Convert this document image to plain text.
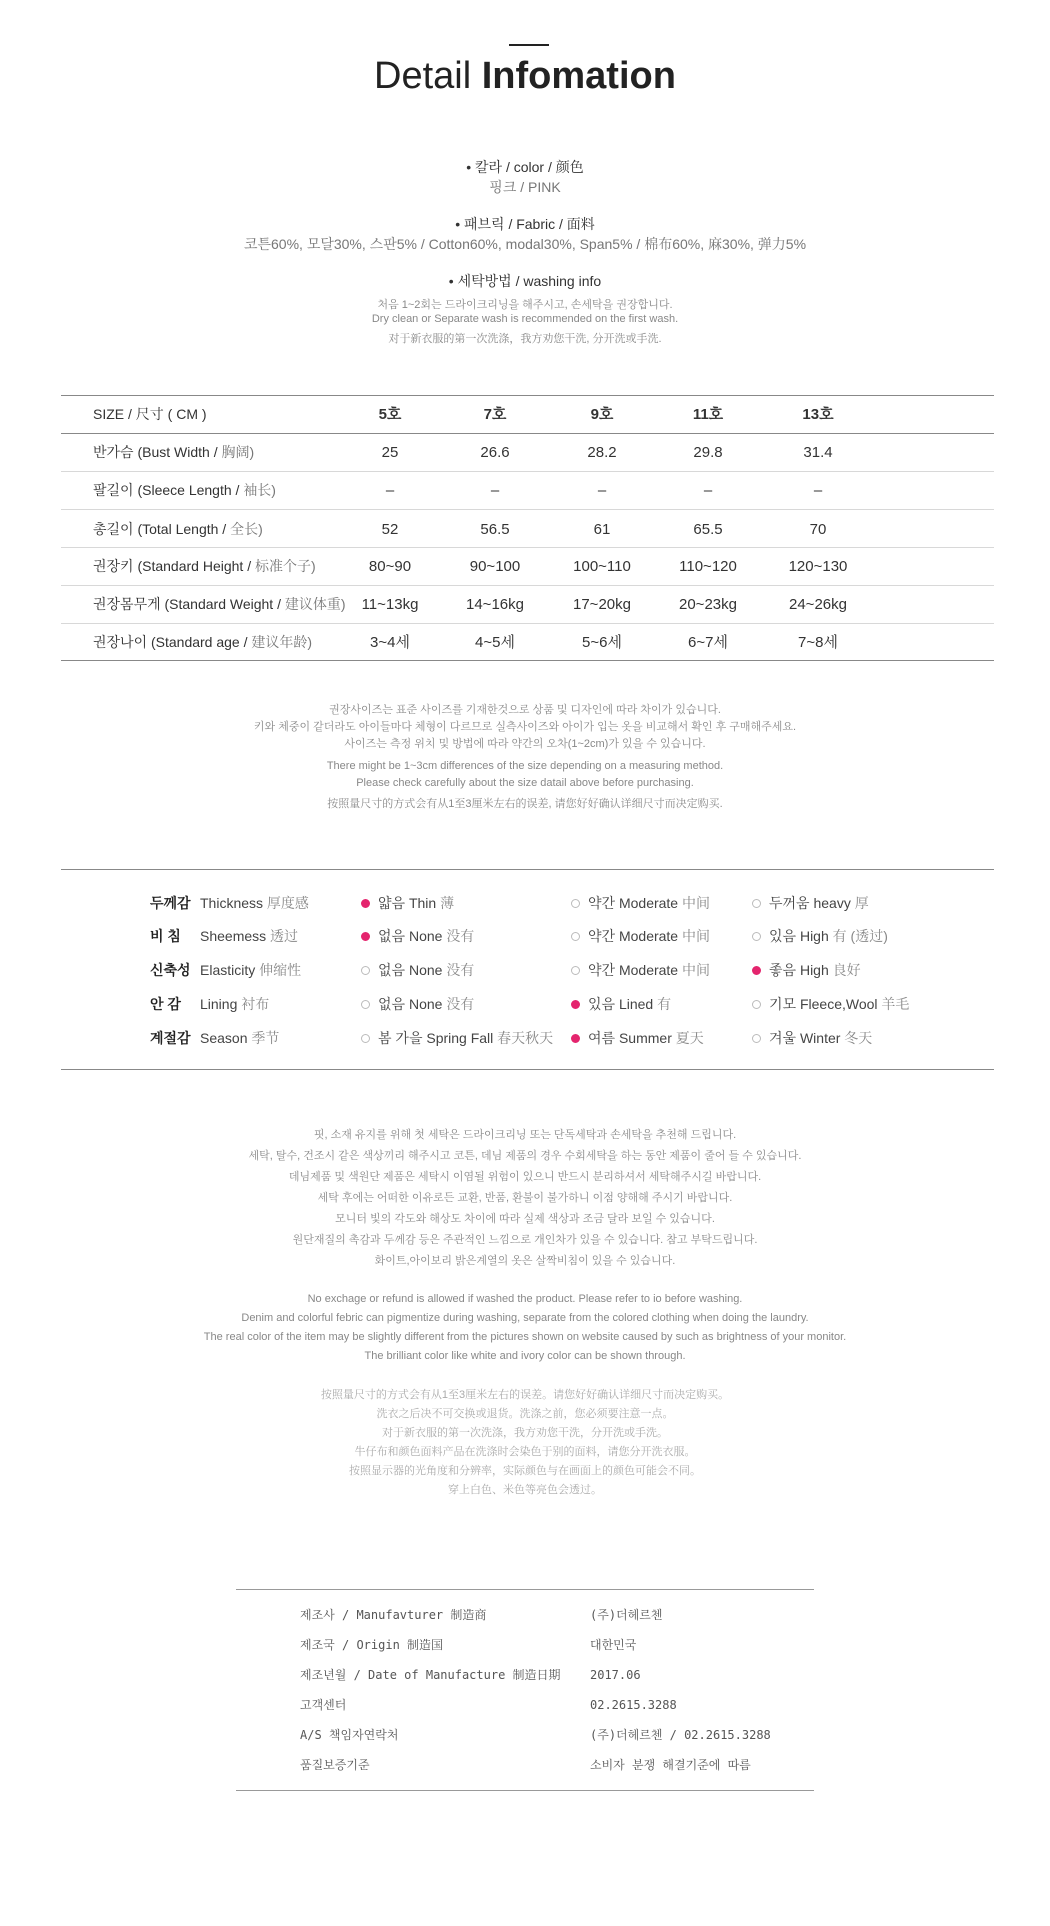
Detail Infomation
• 칼라 / color / 颜色
핑크 / PINK
• 패브릭 / Fabric / 面料
코튼60%, 모달30%, 스판5% / Cotton60%, modal30%, Span5% / 棉布60%, 麻30%, 弹力5%
• 세탁방법 / washing info
처음 1~2회는 드라이크리닝을 해주시고, 손세탁을 권장합니다.
Dry clean or Separate wash is recommended on the first wash.
对于新衣服的第一次洗涤，我方劝您干洗, 分开洗或手洗.
SIZE / 尺寸 ( CM )	5호	7호	9호	11호	13호
반가슴 (Bust Width / 胸阔)	25	26.6	28.2	29.8	31.4
팔길이 (Sleece Length / 袖长)	–	–	–	–	–
총길이 (Total Length / 全长)	52	56.5	61	65.5	70
권장키 (Standard Height / 标准个子)	80~90	90~100	100~110	110~120	120~130
권장몸무게 (Standard Weight / 建议体重)	11~13kg	14~16kg	17~20kg	20~23kg	24~26kg
권장나이 (Standard age / 建议年龄)	3~4세	4~5세	5~6세	6~7세	7~8세
권장사이즈는 표준 사이즈를 기재한것으로 상품 및 디자인에 따라 차이가 있습니다.
키와 체중이 같더라도 아이들마다 체형이 다르므로 실측사이즈와 아이가 입는 옷을 비교해서 확인 후 구매해주세요.
사이즈는 측정 위치 및 방법에 따라 약간의 오차(1~2cm)가 있을 수 있습니다.
There might be 1~3cm differences of the size depending on a measuring method.
Please check carefully about the size datail above before purchasing.
按照量尺寸的方式会有从1至3厘米左右的误差, 请您好好确认详细尺寸而决定购买.
두께감 Thickness 厚度感	얇음 Thin 薄	약간 Moderate 中间	두꺼움 heavy 厚
비 침 Sheemess 透过	없음 None 没有	약간 Moderate 中间	있음 High 有 (透过)
신축성 Elasticity 伸缩性	없음 None 没有	약간 Moderate 中间	좋음 High 良好
안 감 Lining 衬布	없음 None 没有	있음 Lined 有	기모 Fleece,Wool 羊毛
계절감 Season 季节	봄 가을 Spring Fall 春天秋天	여름 Summer 夏天	겨울 Winter 冬天
핏, 소재 유지를 위해 첫 세탁은 드라이크리닝 또는 단독세탁과 손세탁을 추천해 드립니다.
세탁, 탈수, 건조시 같은 색상끼리 해주시고 코튼, 데님 제품의 경우 수회세탁을 하는 동안 제품이 줄어 들 수 있습니다.
데님제품 및 색원단 제품은 세탁시 이염될 위험이 있으니 반드시 분리하셔서 세탁해주시길 바랍니다.
세탁 후에는 어떠한 이유로든 교환, 반품, 환불이 불가하니 이점 양해해 주시기 바랍니다.
모니터 빛의 각도와 해상도 차이에 따라 실제 색상과 조금 달라 보일 수 있습니다.
원단재질의 촉감과 두께감 등은 주관적인 느낌으로 개인차가 있을 수 있습니다. 참고 부탁드립니다.
화이트,아이보리 밝은계열의 옷은 살짝비침이 있을 수 있습니다.
No exchage or refund is allowed if washed the product. Please refer to io before washing.
Denim and colorful febric can pigmentize during washing, separate from the colored clothing when doing the laundry.
The real color of the item may be slightly different from the pictures shown on website caused by such as brightness of your monitor.
The brilliant color like white and ivory color can be shown through.
按照量尺寸的方式会有从1至3厘米左右的误差。请您好好确认详细尺寸而决定购买。
洗衣之后决不可交换或退货。洗涤之前，您必须要注意一点。
对于新衣服的第一次洗涤，我方劝您干洗，分开洗或手洗。
牛仔布和颜色面料产品在洗涤时会染色于别的面料，请您分开洗衣服。
按照显示器的光角度和分辨率，实际颜色与在画面上的颜色可能会不同。
穿上白色、米色等亮色会透过。
제조사 / Manufavturer 制造商	(주)더헤르첸
제조국 / Origin 制造国	대한민국
제조년월 / Date of Manufacture 制造日期 2017.06
고객센터	02.2615.3288
A/S 책임자연락처	(주)더헤르첸 / 02.2615.3288
품질보증기준	소비자 분쟁 해결기준에 따름
